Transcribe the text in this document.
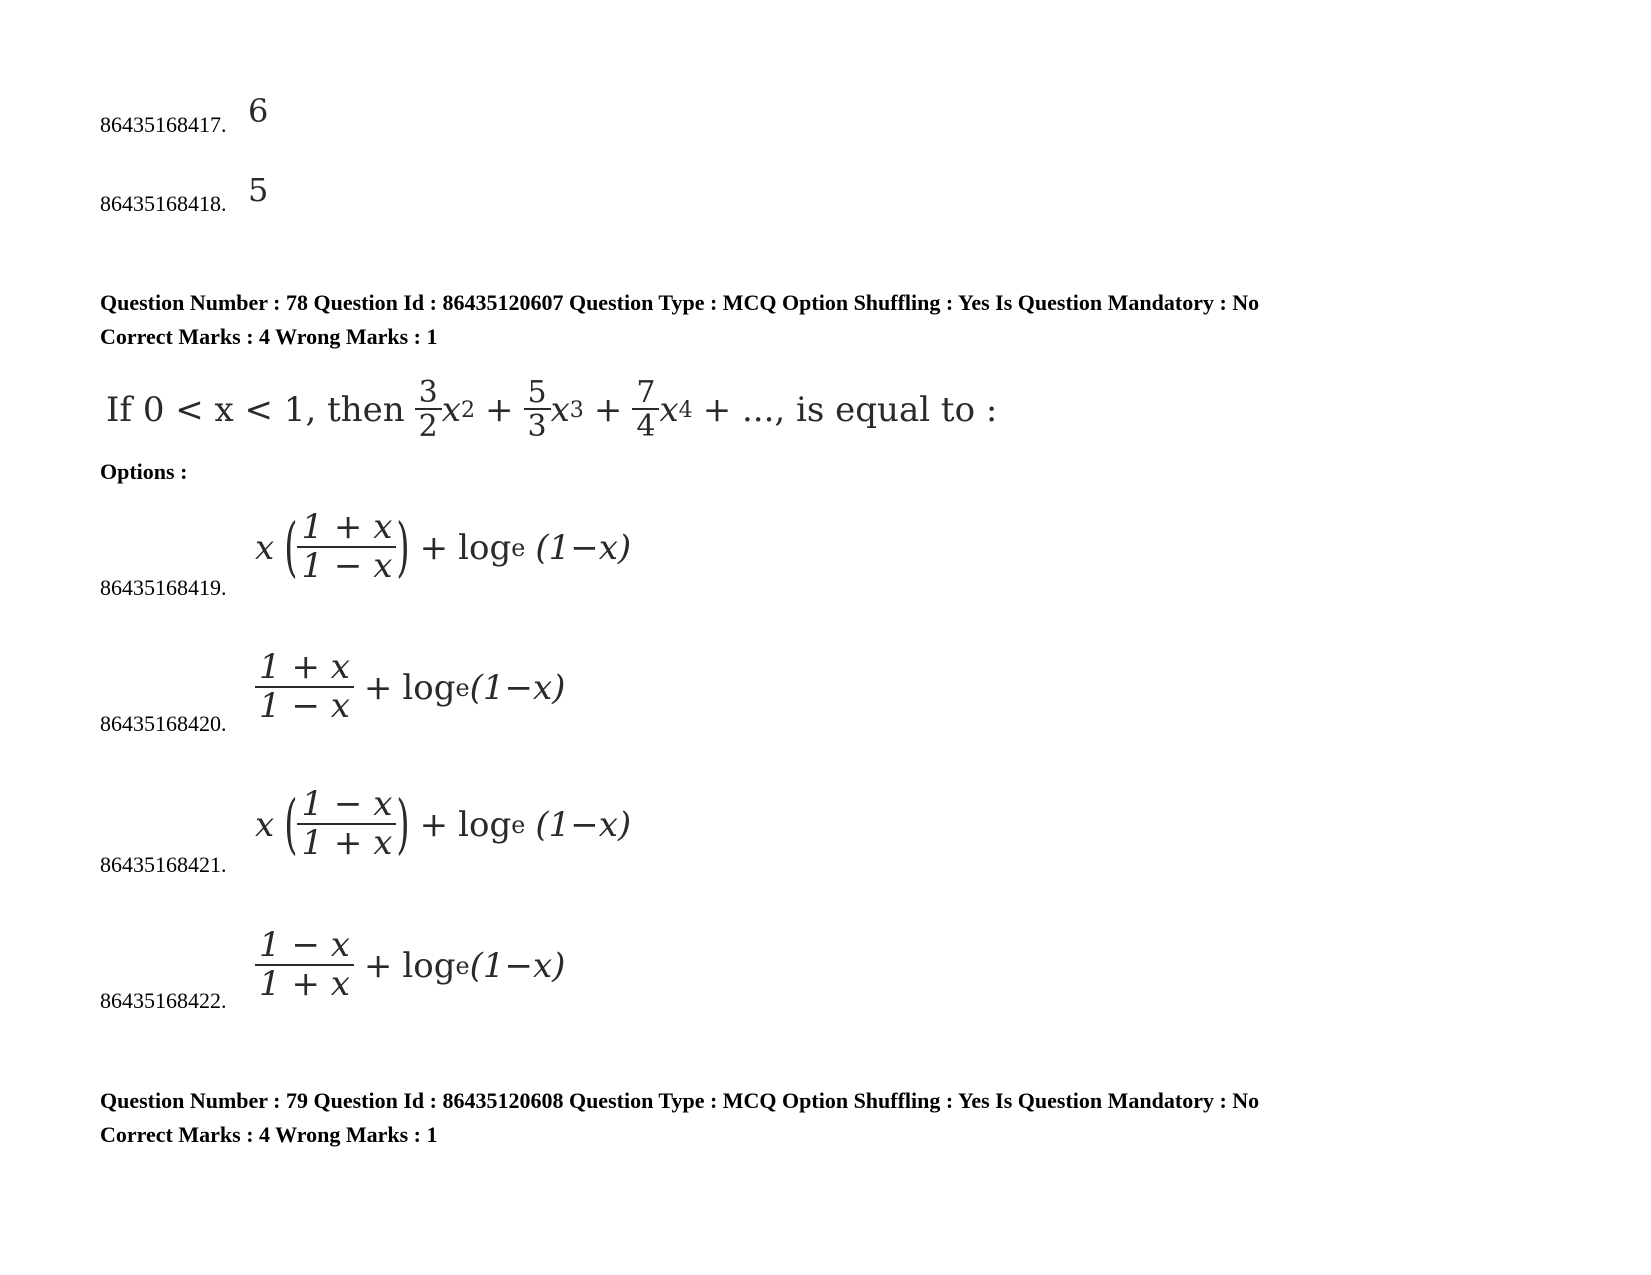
86435168417. 6
86435168418. 5
Question Number : 78 Question Id : 86435120607 Question Type : MCQ Option Shuffling : Yes Is Question Mandatory : No
Correct Marks : 4 Wrong Marks : 1
If 0 < x < 1, then $\frac{3}{2}$ x $2 + \frac{5}{3}$ x $3 + \frac{7}{4}$ x 4 + ..., is equal to :
Options :
86435168419.
x ( $\frac{1 + x}{1 - x}$ ) + log e (1−x)
86435168420. $\frac{1 + x}{1 - x} + \log e$ (1−x)
86435168421.
x ( $\frac{1 - x}{1 + x}$ ) + log e (1−x)
86435168422. $\frac{1 - x}{1 + x} + \log e$ (1−x)
Question Number : 79 Question Id : 86435120608 Question Type : MCQ Option Shuffling : Yes Is Question Mandatory : No
Correct Marks : 4 Wrong Marks : 1
